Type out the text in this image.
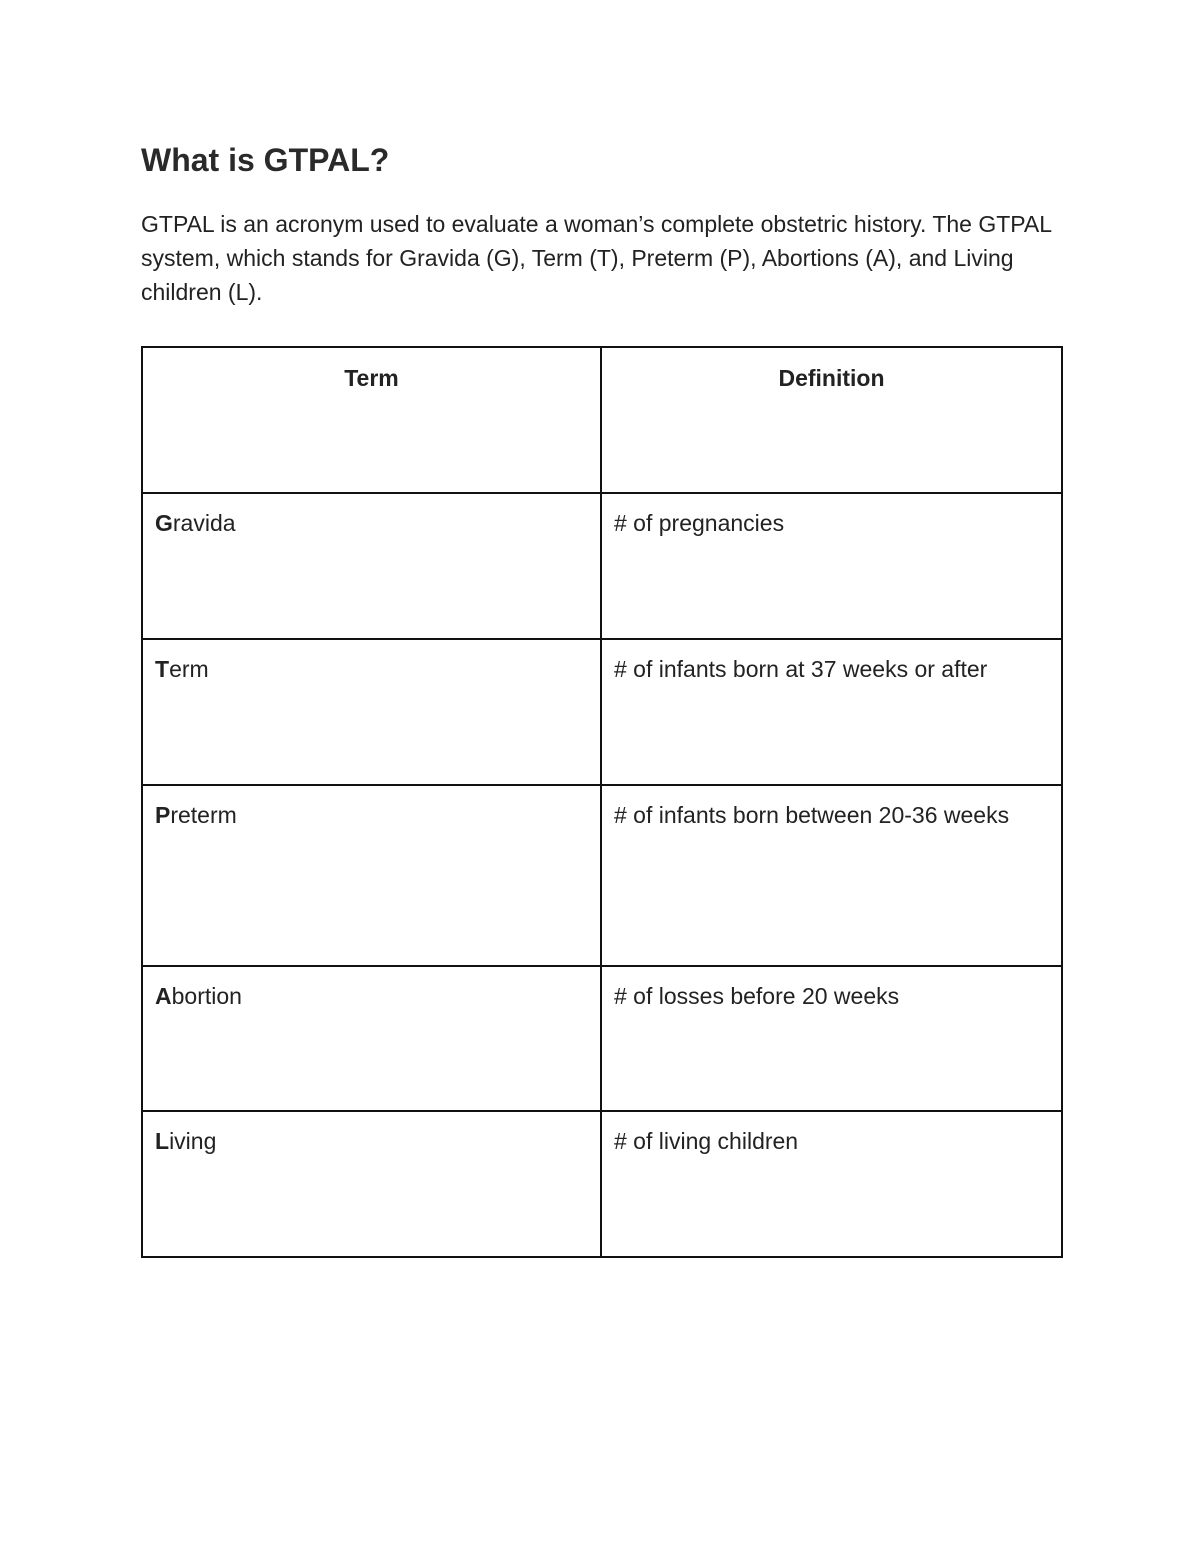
What is GTPAL?

GTPAL is an acronym used to evaluate a woman’s complete obstetric history. The GTPAL system, which stands for Gravida (G), Term (T), Preterm (P), Abortions (A), and Living children (L).

Term	Definition
Gravida	# of pregnancies
Term	# of infants born at 37 weeks or after
Preterm	# of infants born between 20-36 weeks
Abortion	# of losses before 20 weeks
Living	# of living children
